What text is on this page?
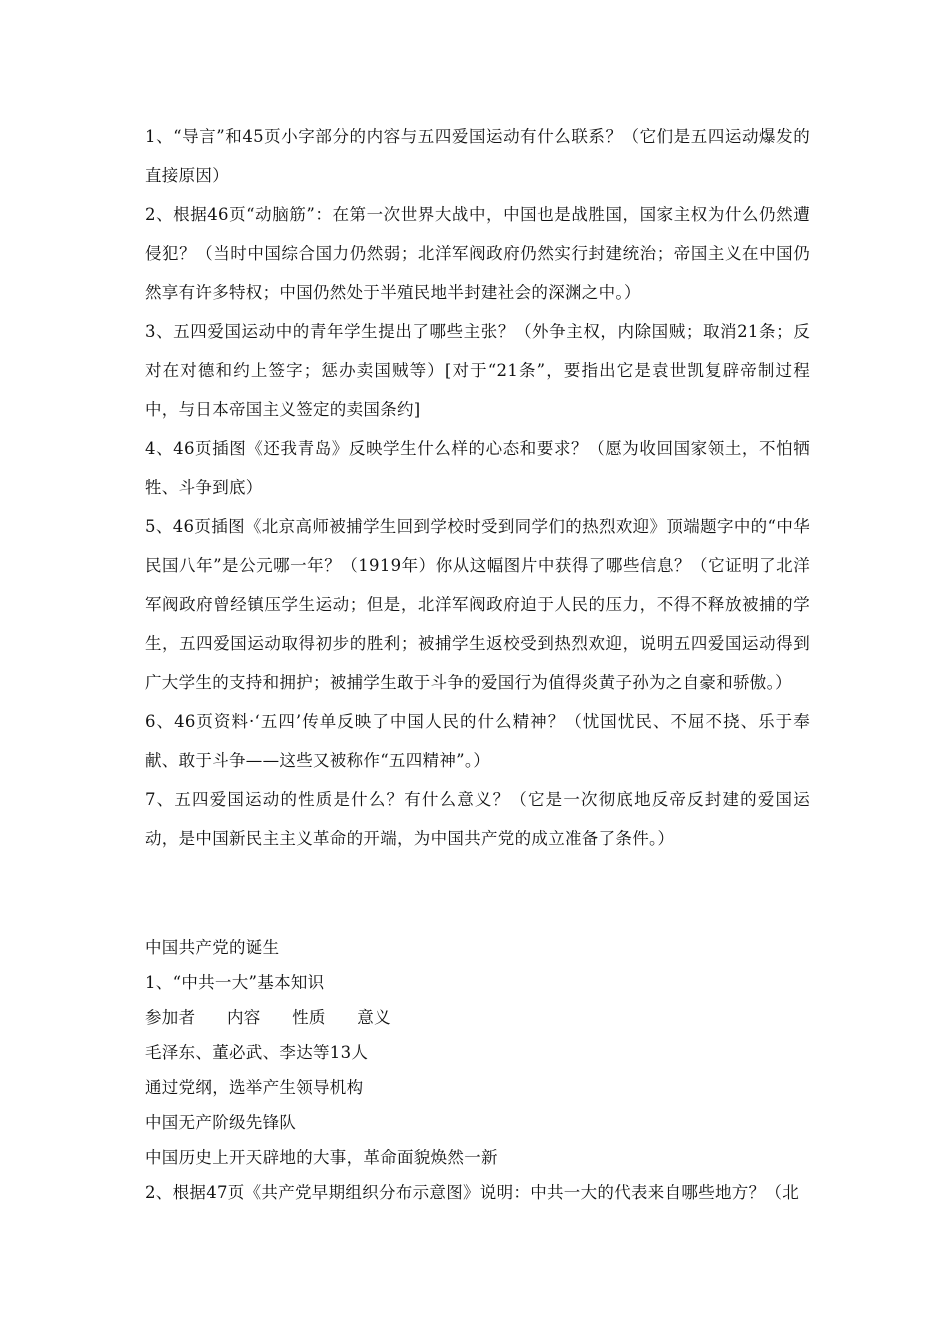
1、“导言”和45页小字部分的内容与五四爱国运动有什么联系？（它们是五四运动爆发的直接原因）

2、根据46页“动脑筋”：在第一次世界大战中，中国也是战胜国，国家主权为什么仍然遭侵犯？（当时中国综合国力仍然弱；北洋军阀政府仍然实行封建统治；帝国主义在中国仍然享有许多特权；中国仍然处于半殖民地半封建社会的深渊之中。）

3、五四爱国运动中的青年学生提出了哪些主张？（外争主权，内除国贼；取消21条；反对在对德和约上签字；惩办卖国贼等）[对于“21条”，要指出它是袁世凯复辟帝制过程中，与日本帝国主义签定的卖国条约]

4、46页插图《还我青岛》反映学生什么样的心态和要求？（愿为收回国家领土，不怕牺牲、斗争到底）

5、46页插图《北京高师被捕学生回到学校时受到同学们的热烈欢迎》顶端题字中的“中华民国八年”是公元哪一年？（1919年）你从这幅图片中获得了哪些信息？（它证明了北洋军阀政府曾经镇压学生运动；但是，北洋军阀政府迫于人民的压力，不得不释放被捕的学生，五四爱国运动取得初步的胜利；被捕学生返校受到热烈欢迎，说明五四爱国运动得到广大学生的支持和拥护；被捕学生敢于斗争的爱国行为值得炎黄子孙为之自豪和骄傲。）

6、46页资料·‘五四’传单反映了中国人民的什么精神？（忧国忧民、不屈不挠、乐于奉献、敢于斗争——这些又被称作“五四精神”。）

7、五四爱国运动的性质是什么？有什么意义？（它是一次彻底地反帝反封建的爱国运动，是中国新民主主义革命的开端，为中国共产党的成立准备了条件。）

中国共产党的诞生

1、“中共一大”基本知识

参加者 内容 性质 意义

毛泽东、董必武、李达等13人

通过党纲，选举产生领导机构

中国无产阶级先锋队

中国历史上开天辟地的大事，革命面貌焕然一新

2、根据47页《共产党早期组织分布示意图》说明：中共一大的代表来自哪些地方？（北
